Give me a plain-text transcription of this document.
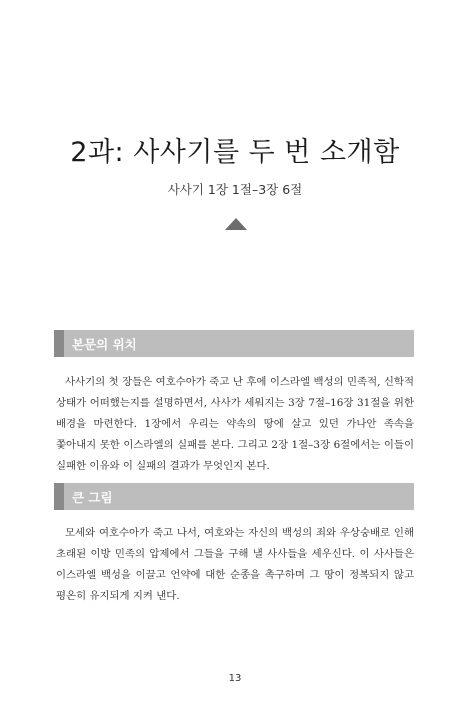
2과: 사사기를 두 번 소개함
사사기 1장 1절–3장 6절
본문의 위치

사사기의 첫 장들은 여호수아가 죽고 난 후에 이스라엘 백성의 민족적, 신학적 상태가 어떠했는지를 설명하면서, 사사가 세워지는 3장 7절–16장 31절을 위한 배경을 마련한다. 1장에서 우리는 약속의 땅에 살고 있던 가나안 족속을 쫓아내지 못한 이스라엘의 실패를 본다. 그리고 2장 1절–3장 6절에서는 이들이 실패한 이유와 이 실패의 결과가 무엇인지 본다.

큰 그림

모세와 여호수아가 죽고 나서, 여호와는 자신의 백성의 죄와 우상숭배로 인해 초래된 이방 민족의 압제에서 그들을 구해 낼 사사들을 세우신다. 이 사사들은 이스라엘 백성을 이끌고 언약에 대한 순종을 촉구하며 그 땅이 정복되지 않고 평온히 유지되게 지켜 낸다.

13
